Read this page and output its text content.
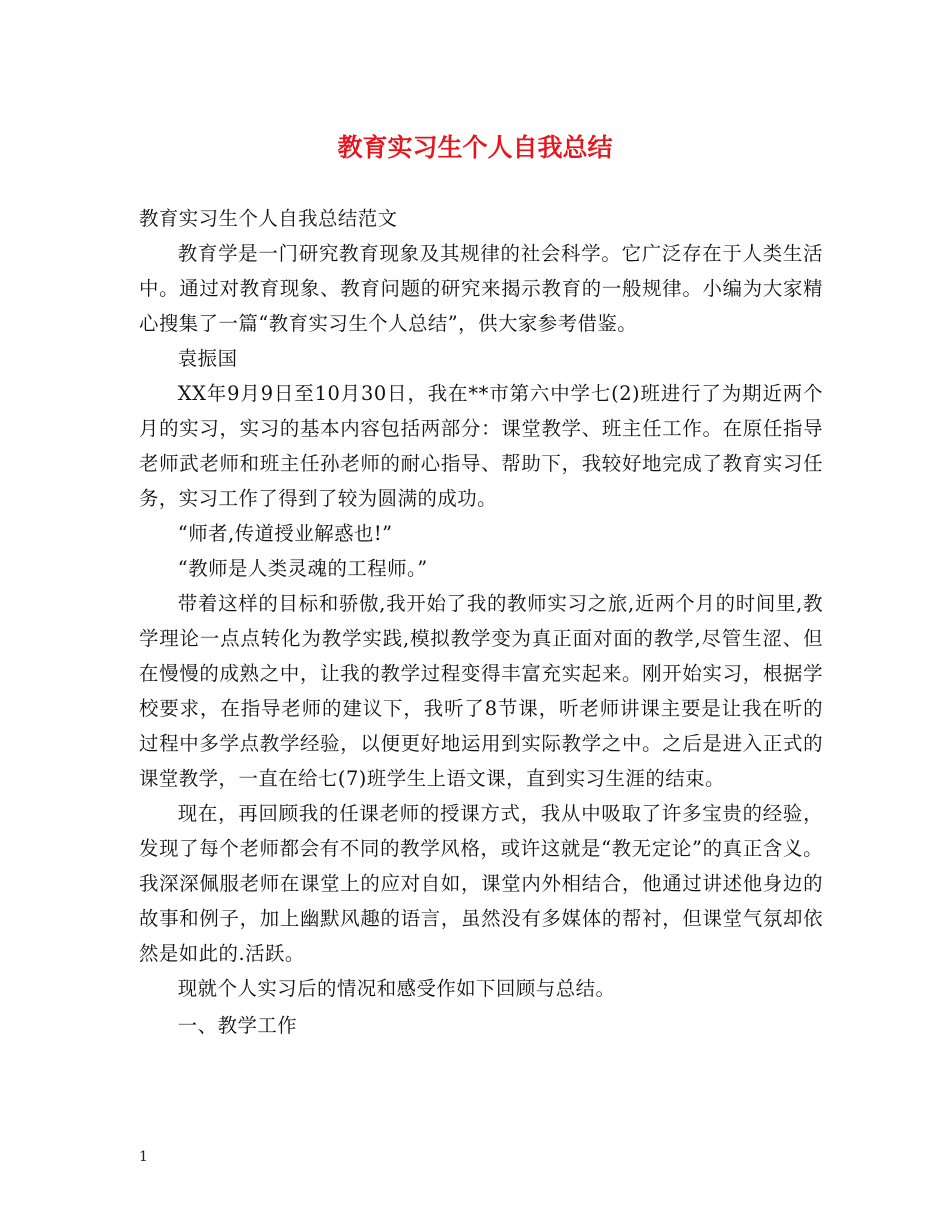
教育实习生个人自我总结

教育实习生个人自我总结范文

教育学是一门研究教育现象及其规律的社会科学。它广泛存在于人类生活中。通过对教育现象、教育问题的研究来揭示教育的一般规律。小编为大家精心搜集了一篇“教育实习生个人总结”，供大家参考借鉴。

袁振国

XX年9月9日至10月30日，我在**市第六中学七(2)班进行了为期近两个月的实习，实习的基本内容包括两部分：课堂教学、班主任工作。在原任指导老师武老师和班主任孙老师的耐心指导、帮助下，我较好地完成了教育实习任务，实习工作了得到了较为圆满的成功。

“师者,传道授业解惑也!”

“教师是人类灵魂的工程师。”

带着这样的目标和骄傲,我开始了我的教师实习之旅,近两个月的时间里,教学理论一点点转化为教学实践,模拟教学变为真正面对面的教学,尽管生涩、但在慢慢的成熟之中，让我的教学过程变得丰富充实起来。刚开始实习，根据学校要求，在指导老师的建议下，我听了8节课，听老师讲课主要是让我在听的过程中多学点教学经验，以便更好地运用到实际教学之中。之后是进入正式的课堂教学，一直在给七(7)班学生上语文课，直到实习生涯的结束。

现在，再回顾我的任课老师的授课方式，我从中吸取了许多宝贵的经验，发现了每个老师都会有不同的教学风格，或许这就是“教无定论”的真正含义。我深深佩服老师在课堂上的应对自如，课堂内外相结合，他通过讲述他身边的故事和例子，加上幽默风趣的语言，虽然没有多媒体的帮衬，但课堂气氛却依然是如此的.活跃。

现就个人实习后的情况和感受作如下回顾与总结。

一、教学工作

1
